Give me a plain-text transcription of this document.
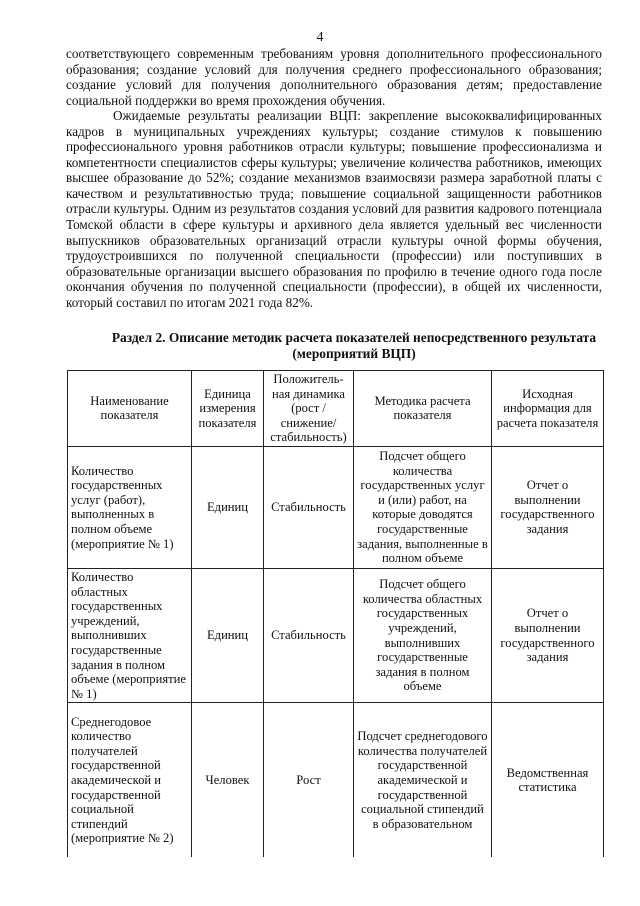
4

соответствующего современным требованиям уровня дополнительного профессионального образования; создание условий для получения среднего профессионального образования; создание условий для получения дополнительного образования детям; предоставление социальной поддержки во время прохождения обучения.

Ожидаемые результаты реализации ВЦП: закрепление высококвалифицированных кадров в муниципальных учреждениях культуры; создание стимулов к повышению профессионального уровня работников отрасли культуры; повышение профессионализма и компетентности специалистов сферы культуры; увеличение количества работников, имеющих высшее образование до 52%; создание механизмов взаимосвязи размера заработной платы с качеством и результативностью труда; повышение социальной защищенности работников отрасли культуры. Одним из результатов создания условий для развития кадрового потенциала Томской области в сфере культуры и архивного дела является удельный вес численности выпускников образовательных организаций отрасли культуры очной формы обучения, трудоустроившихся по полученной специальности (профессии) или поступивших в образовательные организации высшего образования по профилю в течение одного года после окончания обучения по полученной специальности (профессии), в общей их численности, который составил по итогам 2021 года 82%.

Раздел 2. Описание методик расчета показателей непосредственного результата (мероприятий ВЦП)
Наименование показателя	Единица измерения показателя	Положитель-ная динамика (рост / снижение/ стабильность)	Методика расчета показателя	Исходная информация для расчета показателя
Количество государственных услуг (работ), выполненных в полном объеме (мероприятие № 1)	Единиц	Стабильность	Подсчет общего количества государственных услуг и (или) работ, на которые доводятся государственные задания, выполненные в полном объеме	Отчет о выполнении государственного задания
Количество областных государственных учреждений, выполнивших государственные задания в полном объеме (мероприятие № 1)	Единиц	Стабильность	Подсчет общего количества областных государственных учреждений, выполнивших государственные задания в полном объеме	Отчет о выполнении государственного задания
Среднегодовое количество получателей государственной академической и государственной социальной стипендий (мероприятие № 2)	Человек	Рост	Подсчет среднегодового количества получателей государственной академической и государственной социальной стипендий в образовательном	Ведомственная статистика
